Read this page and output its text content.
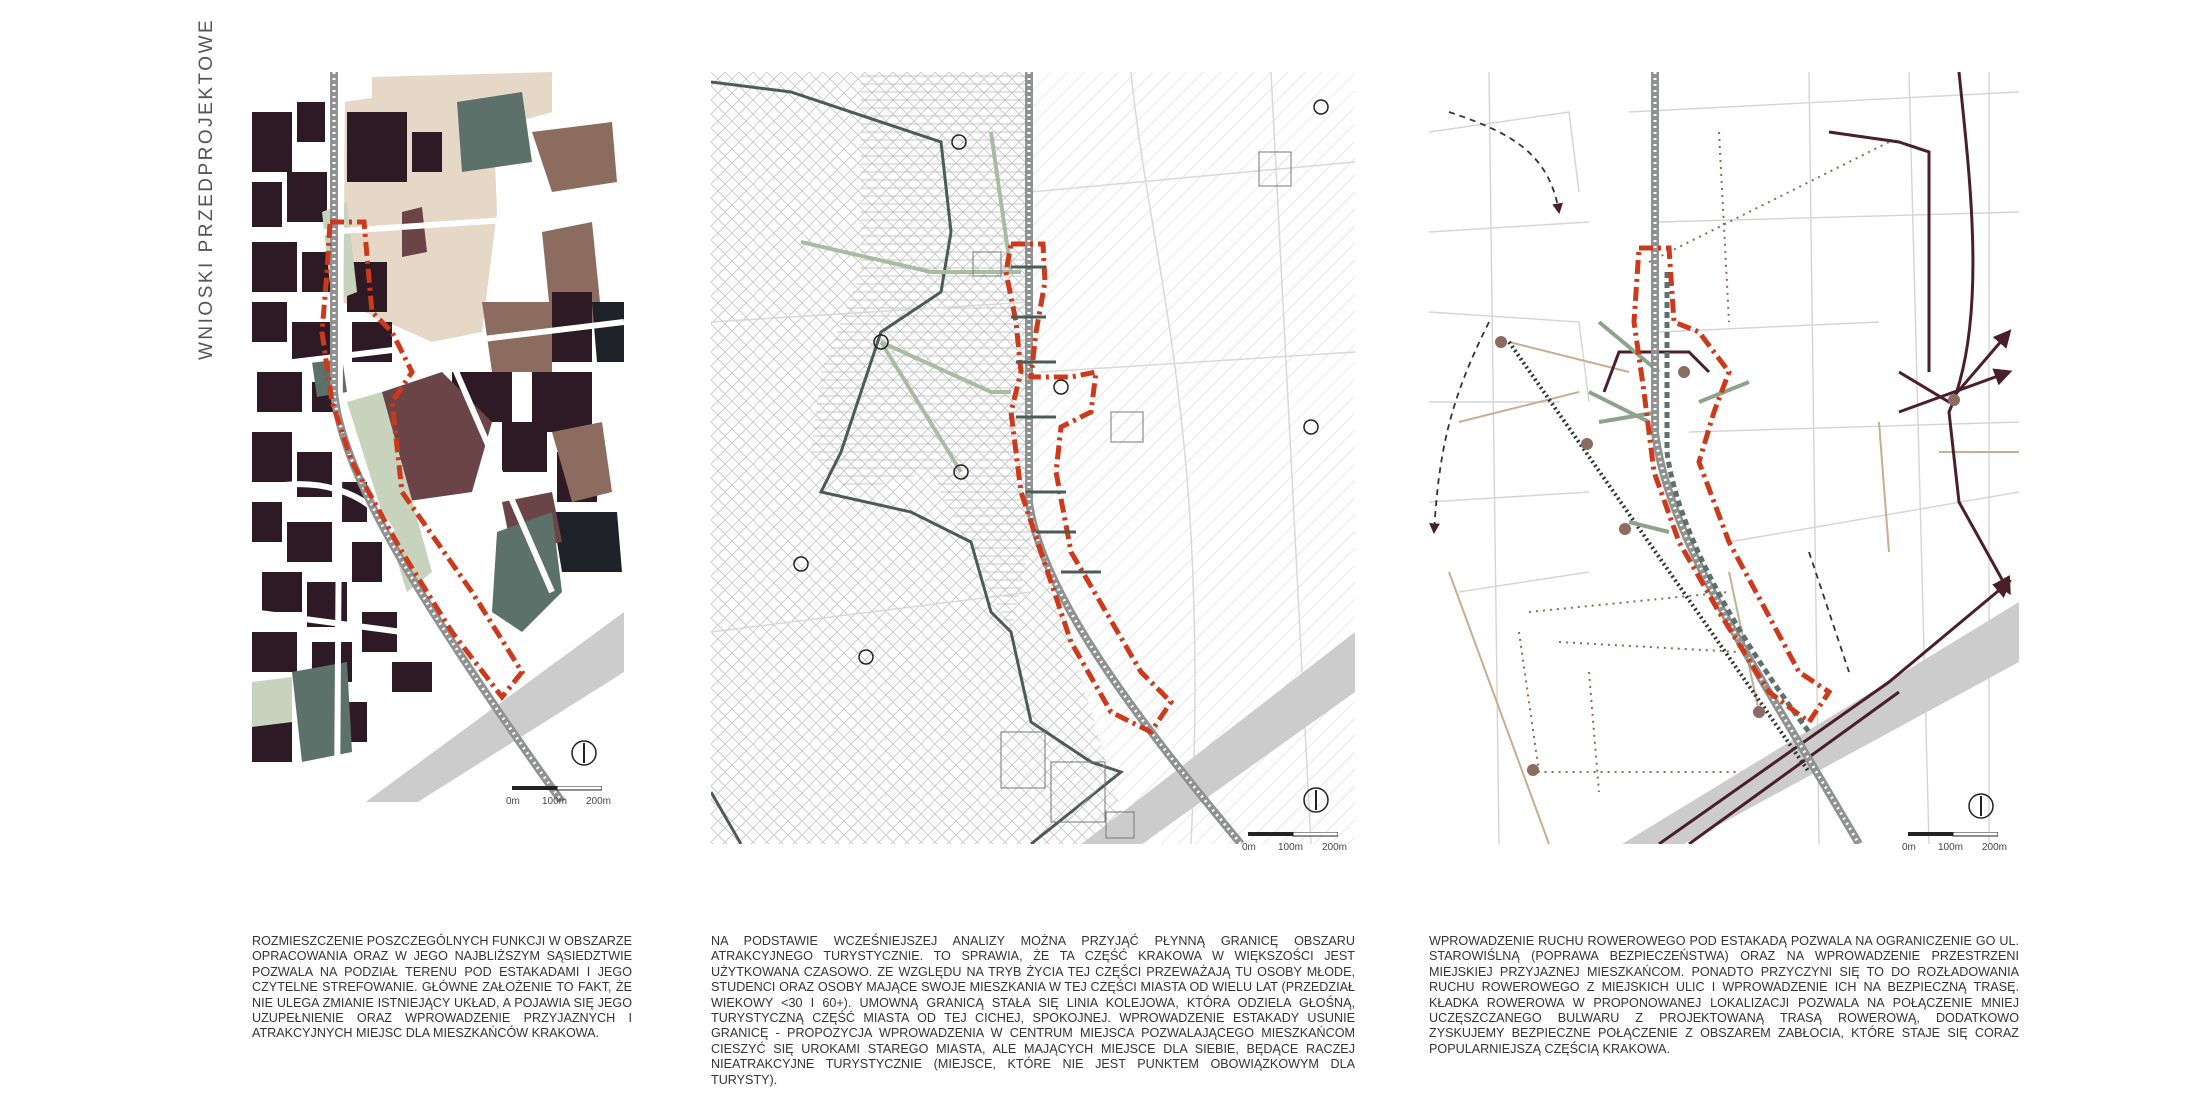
WNIOSKI PRZEDPROJEKTOWE
0m 100m 200m
ROZMIESZCZENIE POSZCZEGÓLNYCH FUNKCJI W OBSZARZE OPRACOWANIA ORAZ W JEGO NAJBLIŻSZYM SĄSIEDZTWIE POZWALA NA PODZIAŁ TERENU POD ESTAKADAMI I JEGO CZYTELNE STREFOWANIE. GŁÓWNE ZAŁOŻENIE TO FAKT, ŻE NIE ULEGA ZMIANIE ISTNIEJĄCY UKŁAD, A POJAWIA SIĘ JEGO UZUPEŁNIENIE ORAZ WPROWADZENIE PRZYJAZNYCH I ATRAKCYJNYCH MIEJSC DLA MIESZKAŃCÓW KRAKOWA.
0m 100m 200m
NA PODSTAWIE WCZEŚNIEJSZEJ ANALIZY MOŻNA PRZYJĄĆ PŁYNNĄ GRANICĘ OBSZARU ATRAKCYJNEGO TURYSTYCZNIE. TO SPRAWIA, ŻE TA CZĘŚĆ KRAKOWA W WIĘKSZOŚCI JEST UŻYTKOWANA CZASOWO. ZE WZGLĘDU NA TRYB ŻYCIA TEJ CZĘŚCI PRZEWAŻAJĄ TU OSOBY MŁODE, STUDENCI ORAZ OSOBY MAJĄCE SWOJE MIESZKANIA W TEJ CZĘŚCI MIASTA OD WIELU LAT (PRZEDZIAŁ WIEKOWY <30 I 60+). UMOWNĄ GRANICĄ STAŁA SIĘ LINIA KOLEJOWA, KTÓRA ODZIELA GŁOŚNĄ, TURYSTYCZNĄ CZĘŚĆ MIASTA OD TEJ CICHEJ, SPOKOJNEJ. WPROWADZENIE ESTAKADY USUNIE GRANICĘ - PROPOZYCJA WPROWADZENIA W CENTRUM MIEJSCA POZWALAJĄCEGO MIESZKAŃCOM CIESZYĆ SIĘ UROKAMI STAREGO MIASTA, ALE MAJĄCYCH MIEJSCE DLA SIEBIE, BĘDĄCE RACZEJ NIEATRAKCYJNE TURYSTYCZNIE (MIEJSCE, KTÓRE NIE JEST PUNKTEM OBOWIĄZKOWYM DLA TURYSTY).
0m 100m 200m
WPROWADZENIE RUCHU ROWEROWEGO POD ESTAKADĄ POZWALA NA OGRANICZENIE GO UL. STAROWIŚLNĄ (POPRAWA BEZPIECZEŃSTWA) ORAZ NA WPROWADZENIE PRZESTRZENI MIEJSKIEJ PRZYJAZNEJ MIESZKAŃCOM. PONADTO PRZYCZYNI SIĘ TO DO ROZŁADOWANIA RUCHU ROWEROWEGO Z MIEJSKICH ULIC I WPROWADZENIE ICH NA BEZPIECZNĄ TRASĘ. KŁADKA ROWEROWA W PROPONOWANEJ LOKALIZACJI POZWALA NA POŁĄCZENIE MNIEJ UCZĘSZCZANEGO BULWARU Z PROJEKTOWANĄ TRASĄ ROWEROWĄ, DODATKOWO ZYSKUJEMY BEZPIECZNE POŁĄCZENIE Z OBSZAREM ZABŁOCIA, KTÓRE STAJE SIĘ CORAZ POPULARNIEJSZĄ CZĘŚCIĄ KRAKOWA.
